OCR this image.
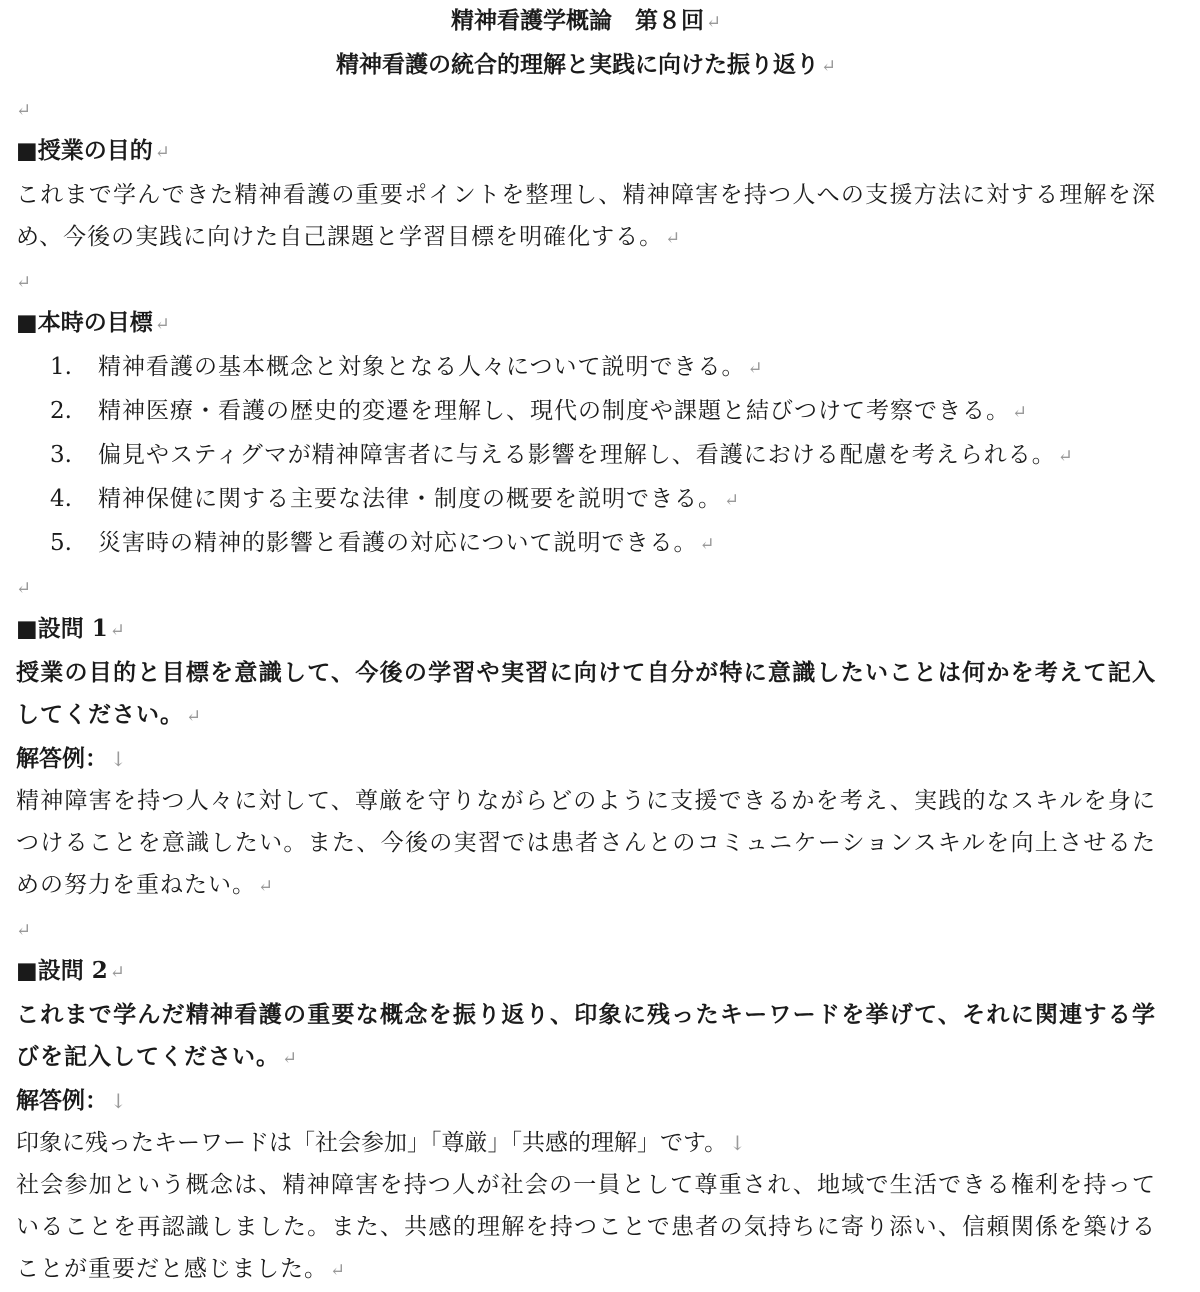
精神看護学概論　第８回 ↵
精神看護の統合的理解と実践に向けた振り返り ↵
↵
■授業の目的 ↵
これまで学んできた精神看護の重要ポイントを整理し、精神障害を持つ人への支援方法に対する理解を深め、今後の実践に向けた自己課題と学習目標を明確化する。 ↵
↵
■本時の目標 ↵
1. 精神看護の基本概念と対象となる人々について説明できる。 ↵
2. 精神医療・看護の歴史的変遷を理解し、現代の制度や課題と結びつけて考察できる。 ↵
3. 偏見やスティグマが精神障害者に与える影響を理解し、看護における配慮を考えられる。 ↵
4. 精神保健に関する主要な法律・制度の概要を説明できる。 ↵
5. 災害時の精神的影響と看護の対応について説明できる。 ↵
↵
■設問 1 ↵
授業の目的と目標を意識して、今後の学習や実習に向けて自分が特に意識したいことは何かを考えて記入してください。 ↵
解答例： ↓
精神障害を持つ人々に対して、尊厳を守りながらどのように支援できるかを考え、実践的なスキルを身につけることを意識したい。また、今後の実習では患者さんとのコミュニケーションスキルを向上させるための努力を重ねたい。 ↵
↵
■設問 2 ↵
これまで学んだ精神看護の重要な概念を振り返り、印象に残ったキーワードを挙げて、それに関連する学びを記入してください。 ↵
解答例： ↓
印象に残ったキーワードは「社会参加」「尊厳」「共感的理解」です。 ↓
社会参加という概念は、精神障害を持つ人が社会の一員として尊重され、地域で生活できる権利を持っていることを再認識しました。また、共感的理解を持つことで患者の気持ちに寄り添い、信頼関係を築けることが重要だと感じました。 ↵
